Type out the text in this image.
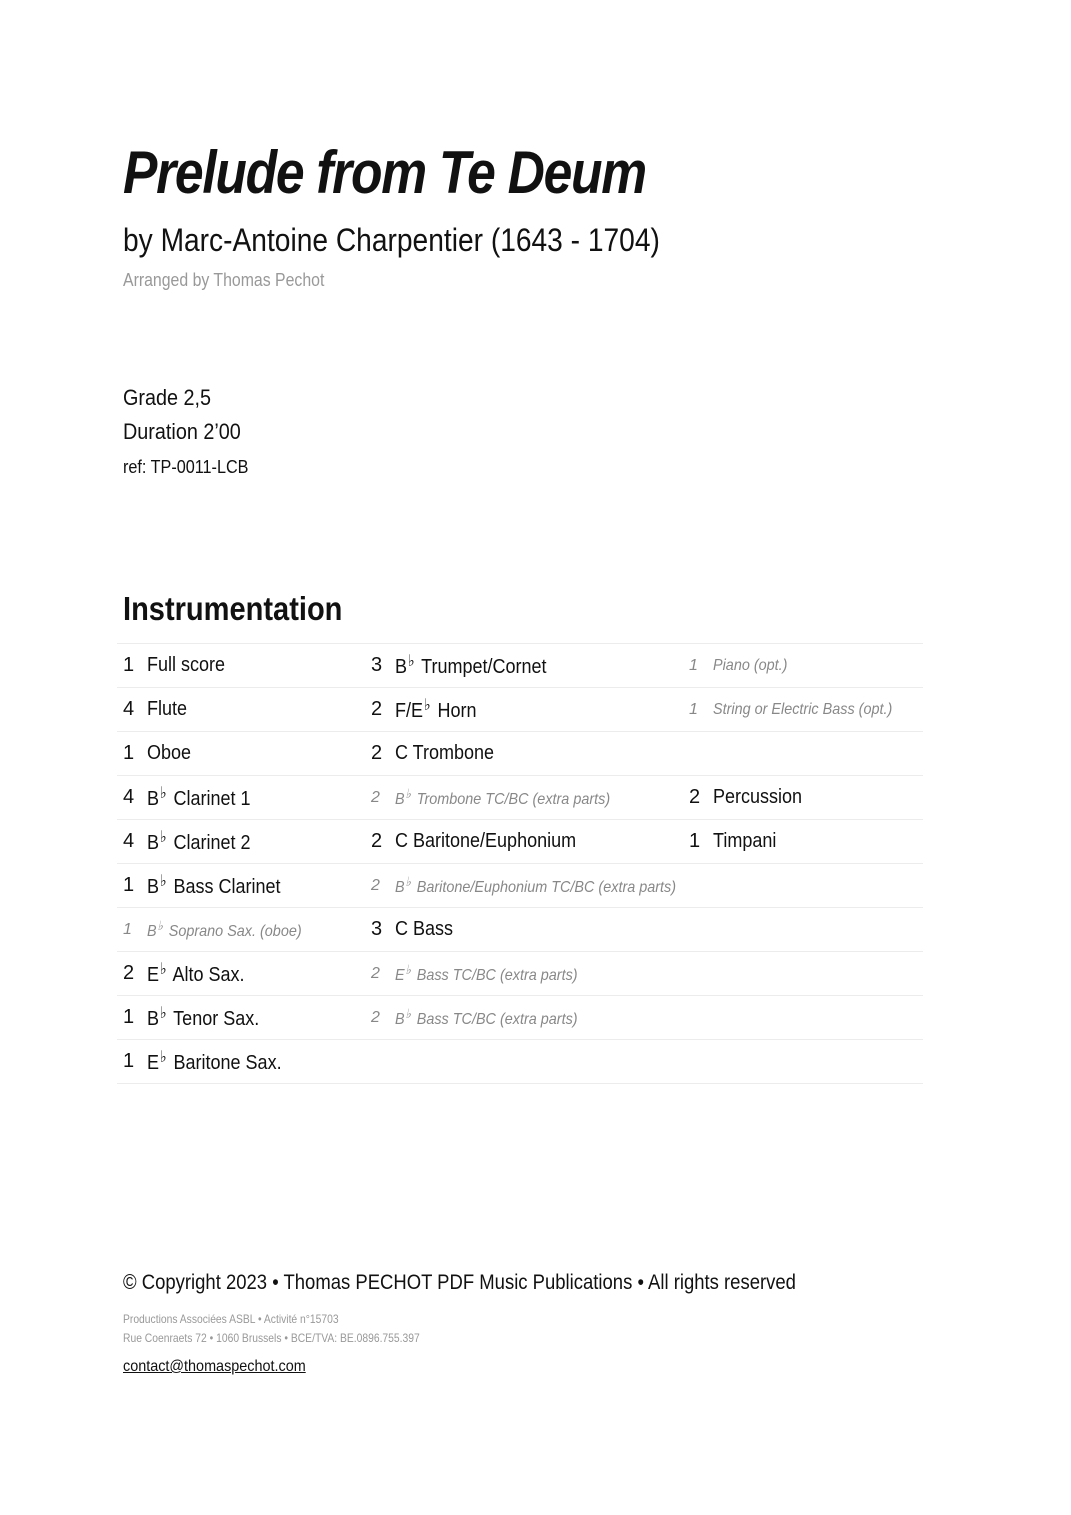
Prelude from Te Deum
by Marc-Antoine Charpentier (1643 - 1704)
Arranged by Thomas Pechot
Grade 2,5
Duration 2’00
ref: TP-0011-LCB
Instrumentation
1 Full score	3 B♭ Trumpet/Cornet	1 Piano (opt.)
4 Flute	2 F/E♭ Horn	1 String or Electric Bass (opt.)
1 Oboe	2 C Trombone
4 B♭ Clarinet 1	2 B♭ Trombone TC/BC (extra parts)	2 Percussion
4 B♭ Clarinet 2	2 C Baritone/Euphonium	1 Timpani
1 B♭ Bass Clarinet	2 B♭ Baritone/Euphonium TC/BC (extra parts)
1 B♭ Soprano Sax. (oboe)	3 C Bass
2 E♭ Alto Sax.	2 E♭ Bass TC/BC (extra parts)
1 B♭ Tenor Sax.	2 B♭ Bass TC/BC (extra parts)
1 E♭ Baritone Sax.
© Copyright 2023 • Thomas PECHOT PDF Music Publications • All rights reserved
Productions Associées ASBL • Activité n°15703
Rue Coenraets 72 • 1060 Brussels • BCE/TVA: BE.0896.755.397
contact@thomaspechot.com
